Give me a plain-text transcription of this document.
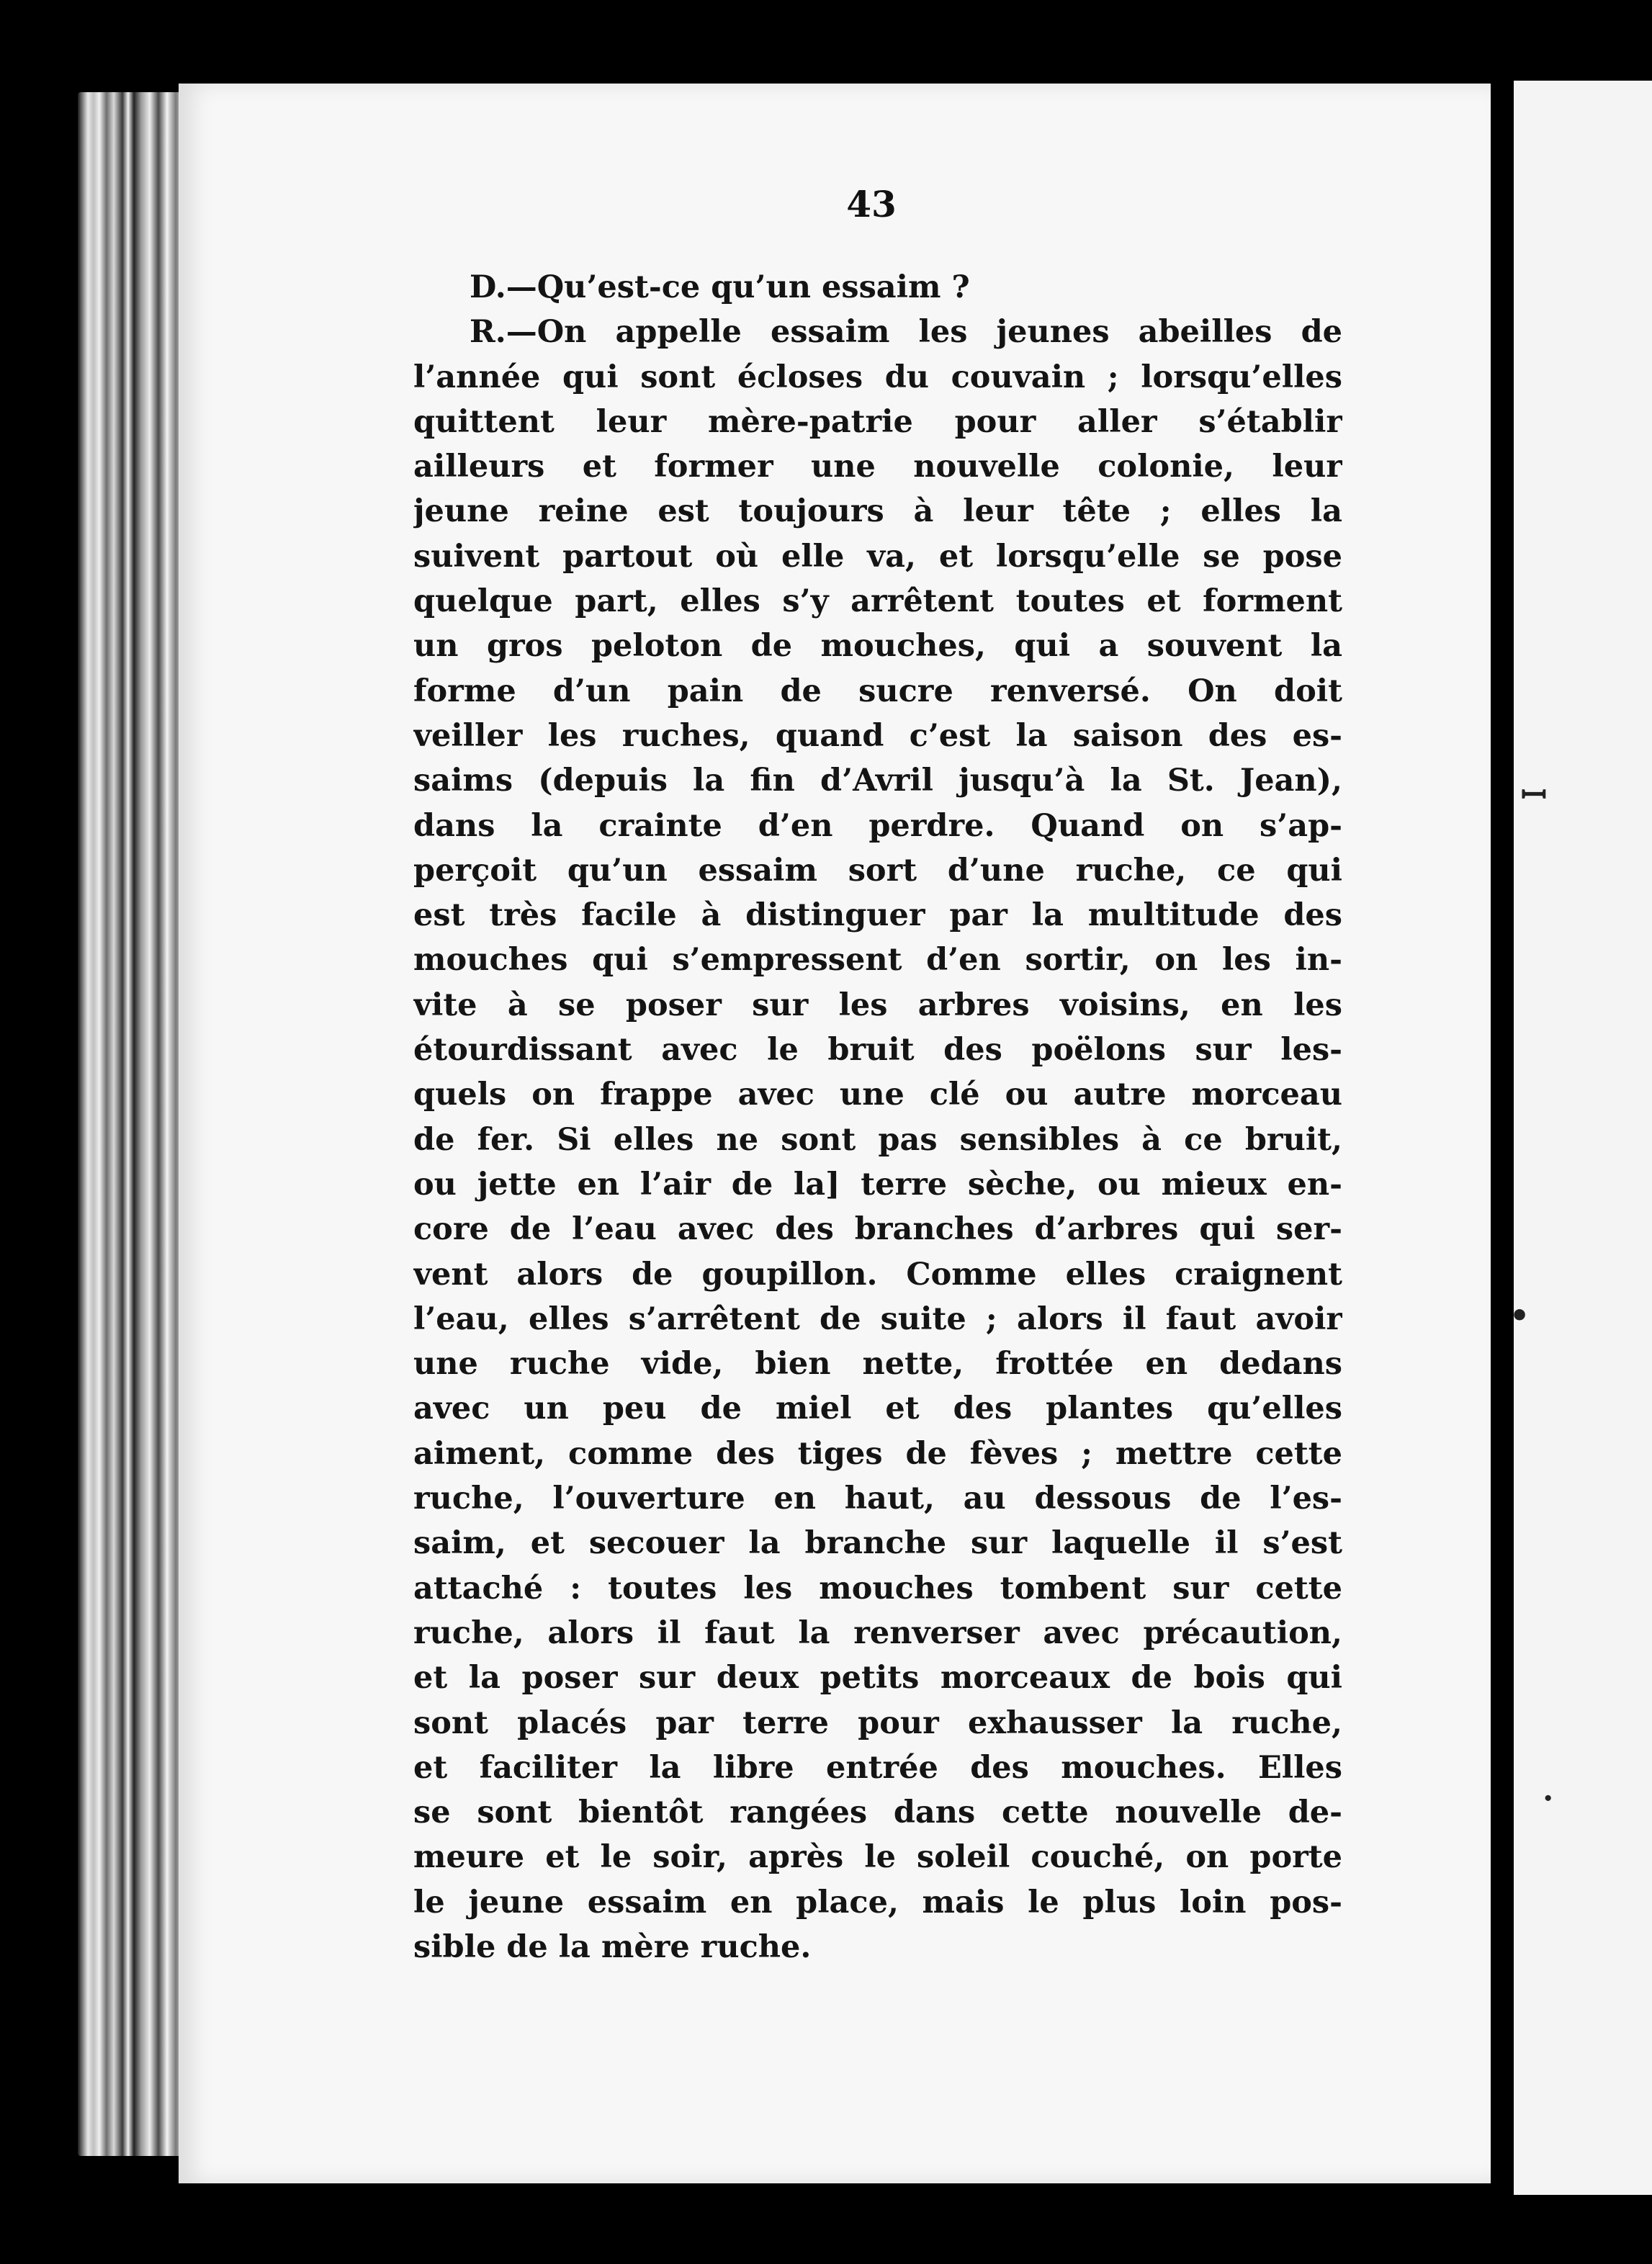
ꟷ
•
·
43
D.—Qu’est-ce qu’un essaim ?
R.—On appelle essaim les jeunes abeilles de
l’année qui sont écloses du couvain ; lorsqu’elles
quittent leur mère-patrie pour aller s’établir
ailleurs et former une nouvelle colonie, leur
jeune reine est toujours à leur tête ; elles la
suivent partout où elle va, et lorsqu’elle se pose
quelque part, elles s’y arrêtent toutes et forment
un gros peloton de mouches, qui a souvent la
forme d’un pain de sucre renversé. On doit
veiller les ruches, quand c’est la saison des es-
saims (depuis la fin d’Avril jusqu’à la St. Jean),
dans la crainte d’en perdre. Quand on s’ap-
perçoit qu’un essaim sort d’une ruche, ce qui
est très facile à distinguer par la multitude des
mouches qui s’empressent d’en sortir, on les in-
vite à se poser sur les arbres voisins, en les
étourdissant avec le bruit des poëlons sur les-
quels on frappe avec une clé ou autre morceau
de fer. Si elles ne sont pas sensibles à ce bruit,
ou jette en l’air de la] terre sèche, ou mieux en-
core de l’eau avec des branches d’arbres qui ser-
vent alors de goupillon. Comme elles craignent
l’eau, elles s’arrêtent de suite ; alors il faut avoir
une ruche vide, bien nette, frottée en dedans
avec un peu de miel et des plantes qu’elles
aiment, comme des tiges de fèves ; mettre cette
ruche, l’ouverture en haut, au dessous de l’es-
saim, et secouer la branche sur laquelle il s’est
attaché : toutes les mouches tombent sur cette
ruche, alors il faut la renverser avec précaution,
et la poser sur deux petits morceaux de bois qui
sont placés par terre pour exhausser la ruche,
et faciliter la libre entrée des mouches. Elles
se sont bientôt rangées dans cette nouvelle de-
meure et le soir, après le soleil couché, on porte
le jeune essaim en place, mais le plus loin pos-
sible de la mère ruche.
